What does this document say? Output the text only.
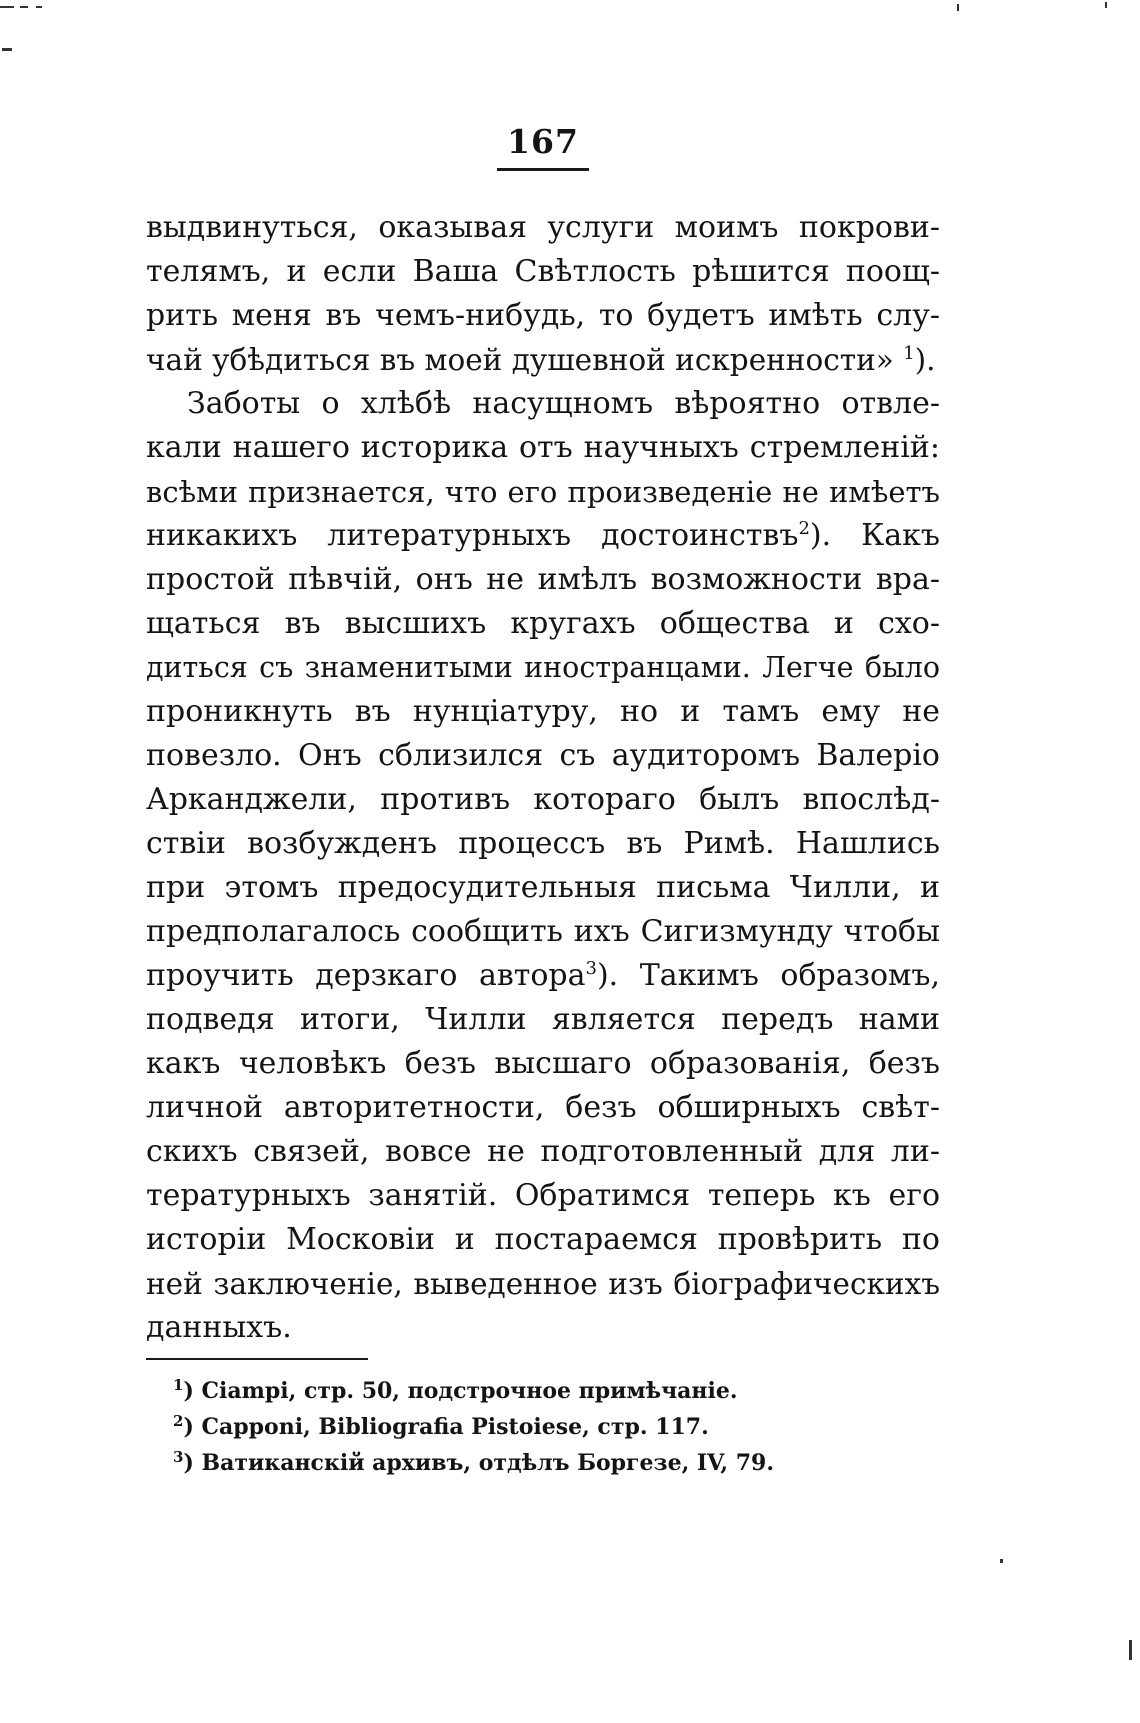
167

выдвинуться, оказывая услуги моимъ покрови-

телямъ, и если Ваша Свѣтлость рѣшится поощ-

рить меня въ чемъ-нибудь, то будетъ имѣть слу-

чай убѣдиться въ моей душевной искренности» $^1$).

Заботы о хлѣбѣ насущномъ вѣроятно отвле-

кали нашего историка отъ научныхъ стремленій:

всѣми признается, что его произведеніе не имѣетъ

никакихъ литературныхъ достоинствъ$^2$). Какъ

простой пѣвчій, онъ не имѣлъ возможности вра-

щаться въ высшихъ кругахъ общества и схо-

диться съ знаменитыми иностранцами. Легче было

проникнуть въ нунціатуру, но и тамъ ему не

повезло. Онъ сблизился съ аудиторомъ Валеріо

Арканджели, противъ котораго былъ впослѣд-

ствіи возбужденъ процессъ въ Римѣ. Нашлись

при этомъ предосудительныя письма Чилли, и

предполагалось сообщить ихъ Сигизмунду чтобы

проучить дерзкаго автора$^3$). Такимъ образомъ,

подведя итоги, Чилли является передъ нами

какъ человѣкъ безъ высшаго образованія, безъ

личной авторитетности, безъ обширныхъ свѣт-

скихъ связей, вовсе не подготовленный для ли-

тературныхъ занятій. Обратимся теперь къ его

исторіи Московіи и постараемся провѣрить по

ней заключеніе, выведенное изъ біографическихъ

данныхъ.

$^1$) Ciampi, стр. 50, подстрочное примѣчаніе.

$^2$) Capponi, Bibliografia Pistoiese, стр. 117.

$^3$) Ватиканскій архивъ, отдѣлъ Боргезе, IV, 79.
